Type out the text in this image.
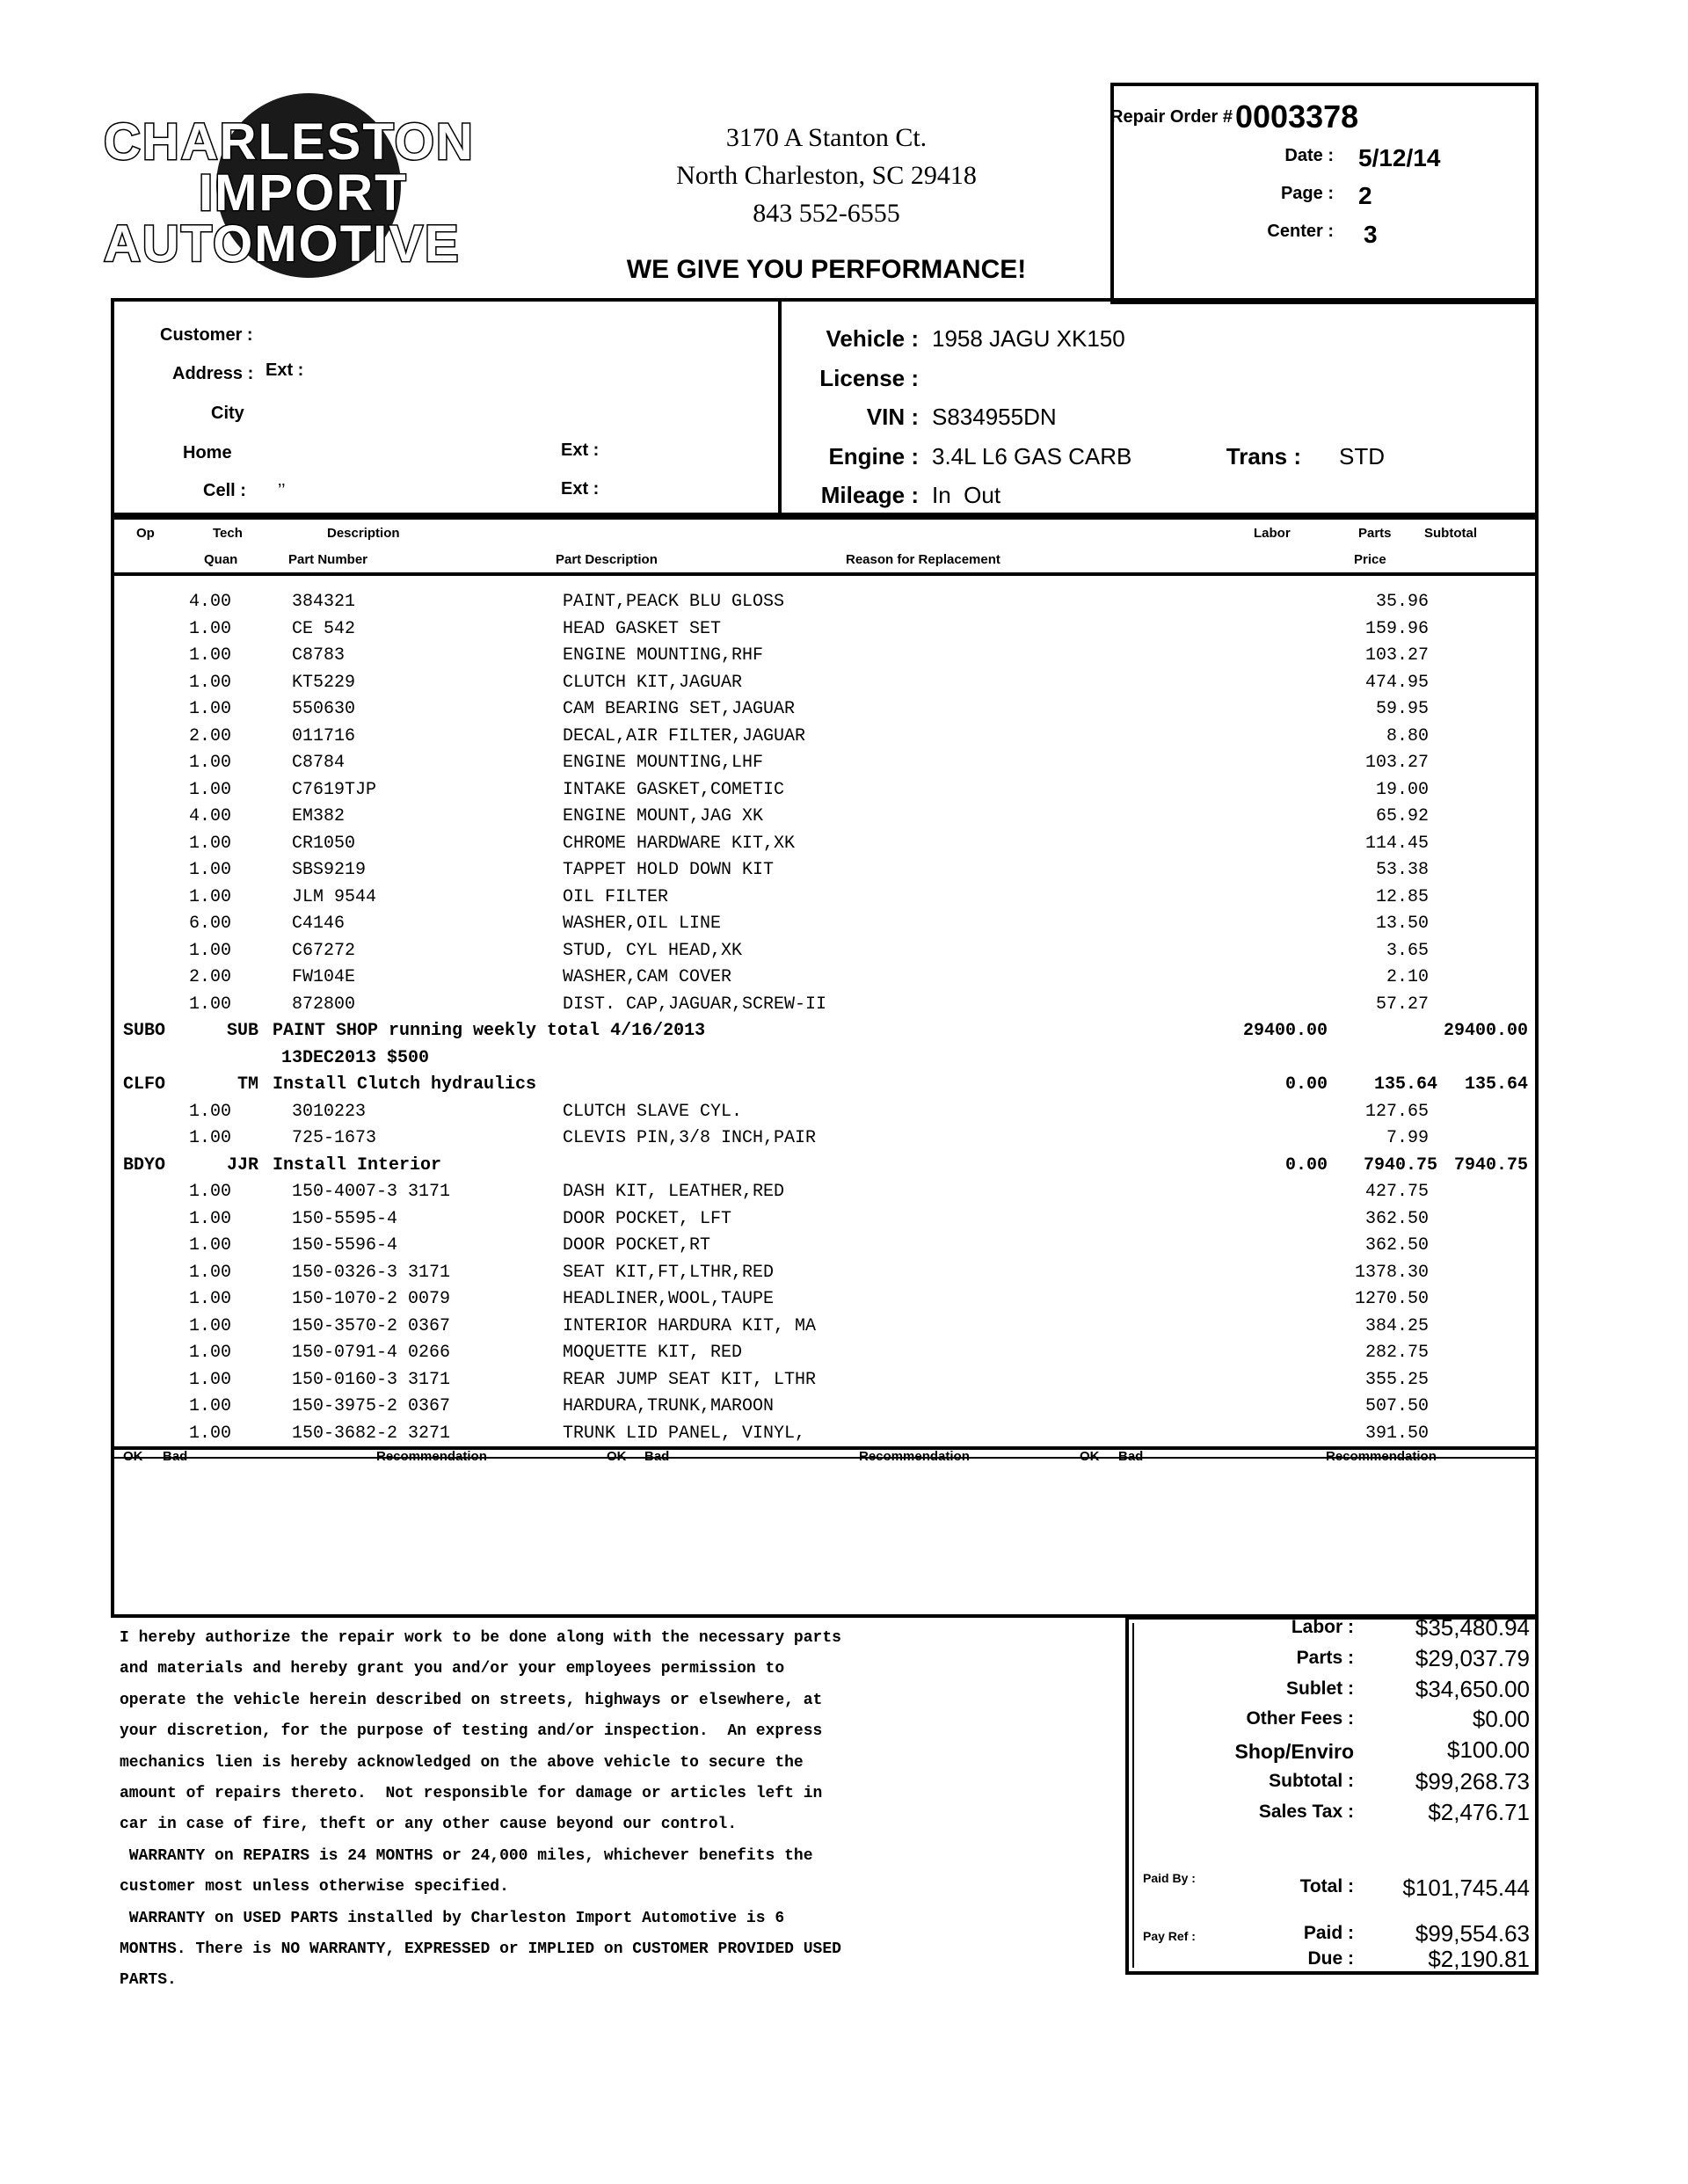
CHARLESTON
IMPORT
AUTOMOTIVE
3170 A Stanton Ct.
North Charleston, SC 29418
843 552-6555
WE GIVE YOU PERFORMANCE!
Repair Order # 0003378
Date : 5/12/14
Page : 2
Center : 3
Customer :
Address : Ext :
City
Home	Ext :
Cell : ’’	Ext :
Vehicle : 1958 JAGU XK150
License :
VIN : S834955DN
Engine : 3.4L L6 GAS CARB	Trans : STD
Mileage : In  Out
Op	Tech	Description	Labor	Parts Subtotal
Quan	Part Number	Part Description	Reason for Replacement	Price
4.00	384321	PAINT,PEACK BLU GLOSS	35.96
1.00	CE 542	HEAD GASKET SET	159.96
1.00	C8783	ENGINE MOUNTING,RHF	103.27
1.00	KT5229	CLUTCH KIT,JAGUAR	474.95
1.00	550630	CAM BEARING SET,JAGUAR	59.95
2.00	011716	DECAL,AIR FILTER,JAGUAR	8.80
1.00	C8784	ENGINE MOUNTING,LHF	103.27
1.00	C7619TJP	INTAKE GASKET,COMETIC	19.00
4.00	EM382	ENGINE MOUNT,JAG XK	65.92
1.00	CR1050	CHROME HARDWARE KIT,XK	114.45
1.00	SBS9219	TAPPET HOLD DOWN KIT	53.38
1.00	JLM 9544	OIL FILTER	12.85
6.00	C4146	WASHER,OIL LINE	13.50
1.00	C67272	STUD, CYL HEAD,XK	3.65
2.00	FW104E	WASHER,CAM COVER	2.10
1.00	872800	DIST. CAP,JAGUAR,SCREW-II	57.27
SUBO	SUB PAINT SHOP running weekly total 4/16/2013	29400.00	29400.00
13DEC2013 $500
CLFO	TM Install Clutch hydraulics	0.00	135.64	135.64
1.00	3010223	CLUTCH SLAVE CYL.	127.65
1.00	725-1673	CLEVIS PIN,3/8 INCH,PAIR	7.99
BDYO	JJR Install Interior	0.00	7940.75 7940.75
1.00	150-4007-3 3171	DASH KIT, LEATHER,RED	427.75
1.00	150-5595-4	DOOR POCKET, LFT	362.50
1.00	150-5596-4	DOOR POCKET,RT	362.50
1.00	150-0326-3 3171	SEAT KIT,FT,LTHR,RED	1378.30
1.00	150-1070-2 0079	HEADLINER,WOOL,TAUPE	1270.50
1.00	150-3570-2 0367	INTERIOR HARDURA KIT, MA	384.25
1.00	150-0791-4 0266	MOQUETTE KIT, RED	282.75
1.00	150-0160-3 3171	REAR JUMP SEAT KIT, LTHR	355.25
1.00	150-3975-2 0367	HARDURA,TRUNK,MAROON	507.50
1.00	150-3682-2 3271	TRUNK LID PANEL, VINYL,	391.50
OK Bad	Recommendation	OK Bad	Recommendation	OK Bad	Recommendation
I hereby authorize the repair work to be done along with the necessary parts
and materials and hereby grant you and/or your employees permission to
operate the vehicle herein described on streets, highways or elsewhere, at
your discretion, for the purpose of testing and/or inspection.  An express
mechanics lien is hereby acknowledged on the above vehicle to secure the
amount of repairs thereto.  Not responsible for damage or articles left in
car in case of fire, theft or any other cause beyond our control.
WARRANTY on REPAIRS is 24 MONTHS or 24,000 miles, whichever benefits the
customer most unless otherwise specified.
WARRANTY on USED PARTS installed by Charleston Import Automotive is 6
MONTHS. There is NO WARRANTY, EXPRESSED or IMPLIED on CUSTOMER PROVIDED USED
PARTS.
Labor :	$35,480.94
Parts :	$29,037.79
Sublet :	$34,650.00
Other Fees :	$0.00
Shop/Enviro	$100.00
Subtotal :	$99,268.73
Sales Tax :	$2,476.71
Paid By :	Total :	$101,745.44
Pay Ref :	Paid :	$99,554.63
Due :	$2,190.81
